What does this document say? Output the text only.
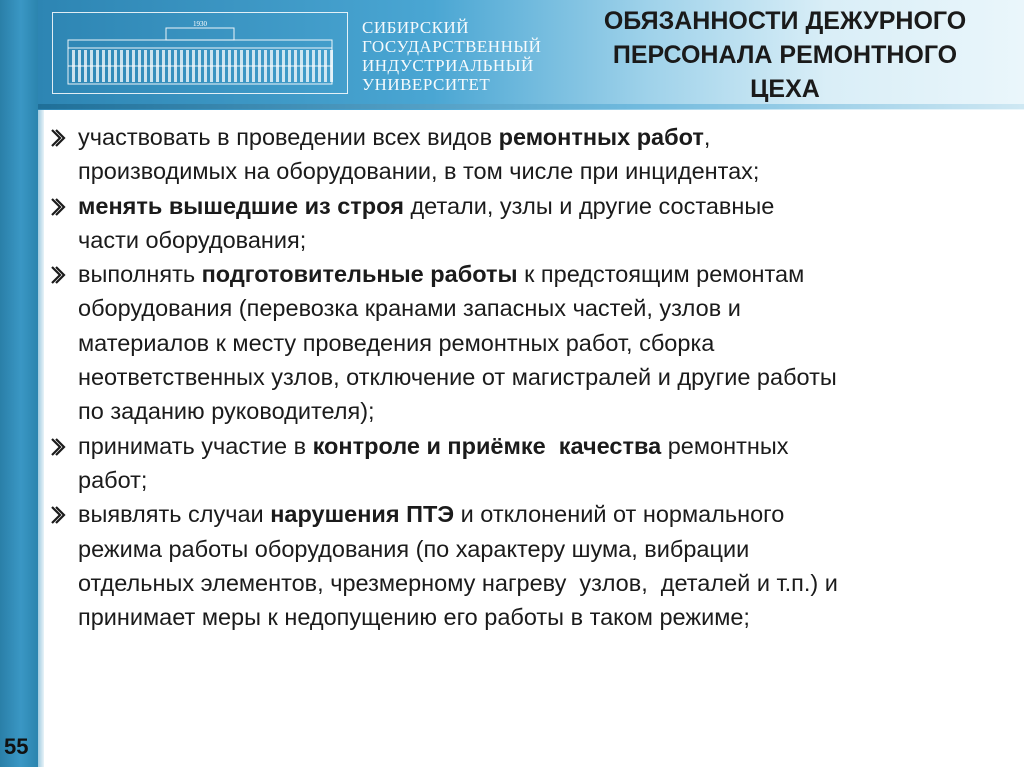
1930	СИБИРСКИЙ
ГОСУДАРСТВЕННЫЙ
ИНДУСТРИАЛЬНЫЙ
УНИВЕРСИТЕТ
ОБЯЗАННОСТИ ДЕЖУРНОГО
ПЕРСОНАЛА РЕМОНТНОГО
ЦЕХА
участвовать в проведении всех видов ремонтных работ,
производимых на оборудовании, в том числе при инцидентах;
менять вышедшие из строя детали, узлы и другие составные
части оборудования;
выполнять подготовительные работы к предстоящим ремонтам
оборудования (перевозка кранами запасных частей, узлов и
материалов к месту проведения ремонтных работ, сборка
неответственных узлов, отключение от магистралей и другие работы
по заданию руководителя);
принимать участие в контроле и приёмке  качества ремонтных
работ;
выявлять случаи нарушения ПТЭ и отклонений от нормального
режима работы оборудования (по характеру шума, вибрации
отдельных элементов, чрезмерному нагреву  узлов,  деталей и т.п.) и
принимает меры к недопущению его работы в таком режиме;
55
